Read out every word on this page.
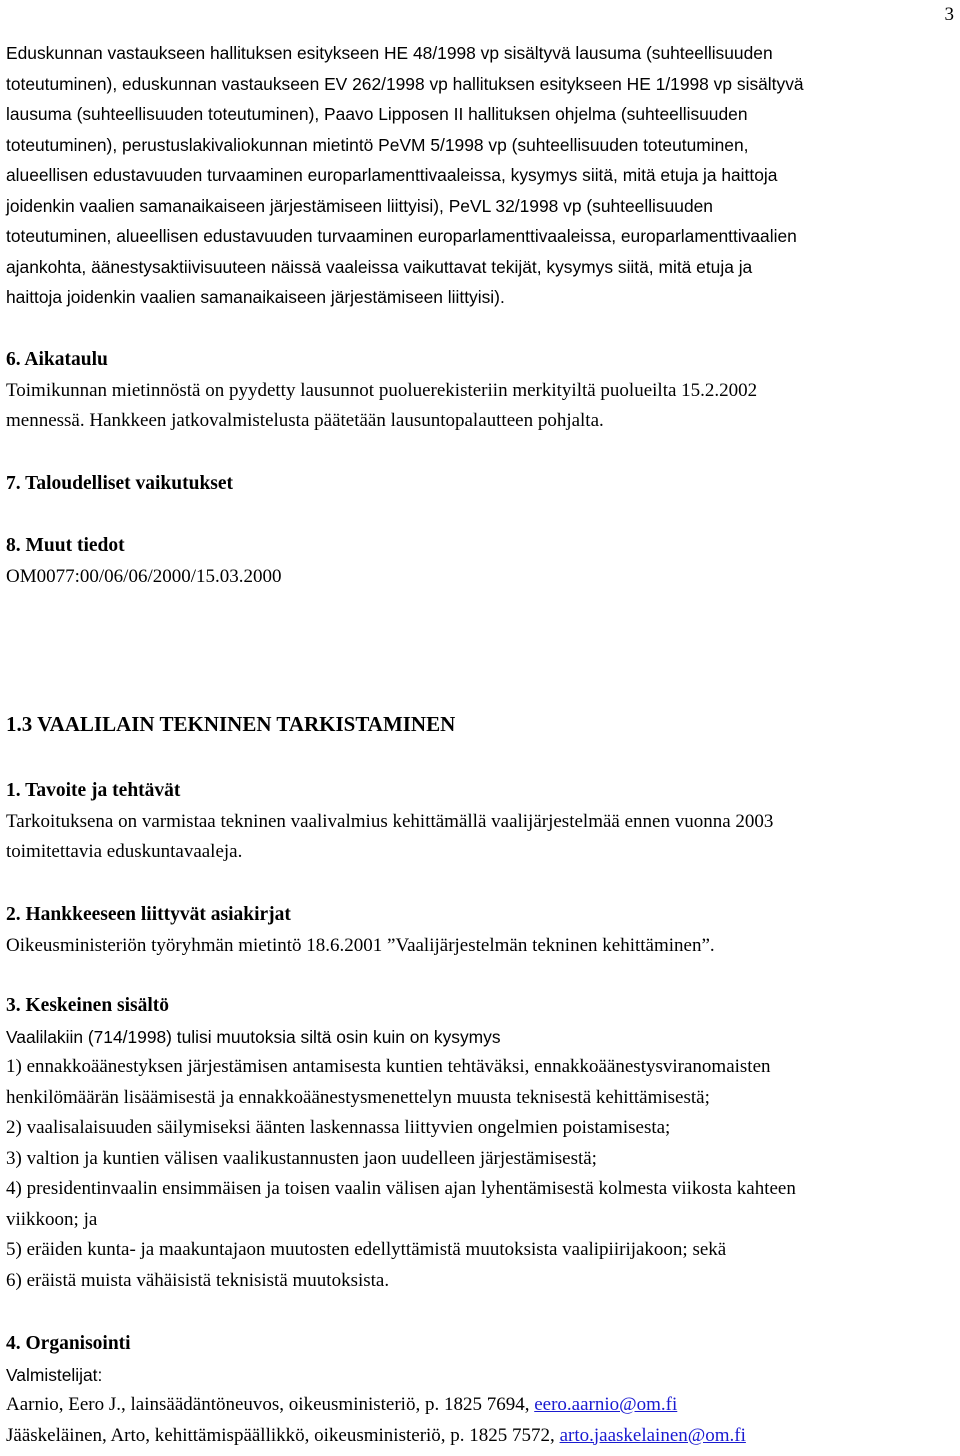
3
Eduskunnan vastaukseen hallituksen esitykseen HE 48/1998 vp sisältyvä lausuma (suhteellisuuden
toteutuminen), eduskunnan vastaukseen EV 262/1998 vp hallituksen esitykseen HE 1/1998 vp sisältyvä
lausuma (suhteellisuuden toteutuminen), Paavo Lipposen II hallituksen ohjelma (suhteellisuuden
toteutuminen), perustuslakivaliokunnan mietintö PeVM 5/1998 vp (suhteellisuuden toteutuminen,
alueellisen edustavuuden turvaaminen europarlamenttivaaleissa, kysymys siitä, mitä etuja ja haittoja
joidenkin vaalien samanaikaiseen järjestämiseen liittyisi), PeVL 32/1998 vp (suhteellisuuden
toteutuminen, alueellisen edustavuuden turvaaminen europarlamenttivaaleissa, europarlamenttivaalien
ajankohta, äänestysaktiivisuuteen näissä vaaleissa vaikuttavat tekijät, kysymys siitä, mitä etuja ja
haittoja joidenkin vaalien samanaikaiseen järjestämiseen liittyisi).
6. Aikataulu
Toimikunnan mietinnöstä on pyydetty lausunnot puoluerekisteriin merkityiltä puolueilta 15.2.2002
mennessä. Hankkeen jatkovalmistelusta päätetään lausuntopalautteen pohjalta.
7. Taloudelliset vaikutukset
8. Muut tiedot
OM0077:00/06/06/2000/15.03.2000
1.3 VAALILAIN TEKNINEN TARKISTAMINEN
1. Tavoite ja tehtävät
Tarkoituksena on varmistaa tekninen vaalivalmius kehittämällä vaalijärjestelmää ennen vuonna 2003
toimitettavia eduskuntavaaleja.
2. Hankkeeseen liittyvät asiakirjat
Oikeusministeriön työryhmän mietintö 18.6.2001 ”Vaalijärjestelmän tekninen kehittäminen”.
3. Keskeinen sisältö
Vaalilakiin (714/1998) tulisi muutoksia siltä osin kuin on kysymys
1) ennakkoäänestyksen järjestämisen antamisesta kuntien tehtäväksi, ennakkoäänestysviranomaisten
henkilömäärän lisäämisestä ja ennakkoäänestysmenettelyn muusta teknisestä kehittämisestä;
2) vaalisalaisuuden säilymiseksi äänten laskennassa liittyvien ongelmien poistamisesta;
3) valtion ja kuntien välisen vaalikustannusten jaon uudelleen järjestämisestä;
4) presidentinvaalin ensimmäisen ja toisen vaalin välisen ajan lyhentämisestä kolmesta viikosta kahteen
viikkoon; ja
5) eräiden kunta- ja maakuntajaon muutosten edellyttämistä muutoksista vaalipiirijakoon; sekä
6) eräistä muista vähäisistä teknisistä muutoksista.
4. Organisointi
Valmistelijat:
Aarnio, Eero J., lainsäädäntöneuvos, oikeusministeriö, p. 1825 7694, eero.aarnio@om.fi
Jääskeläinen, Arto, kehittämispäällikkö, oikeusministeriö, p. 1825 7572, arto.jaaskelainen@om.fi
